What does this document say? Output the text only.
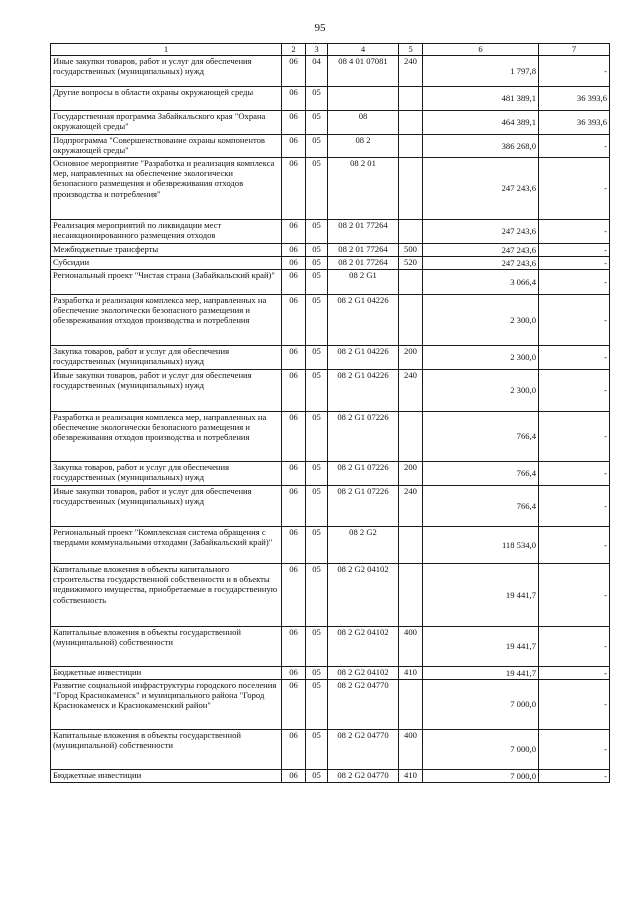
95
1	2	3	4	5	6	7
Иные закупки товаров, работ и услуг для обеспечения государственных (муниципальных) нужд	06	04	08 4 01 07081	240	1 797,8	-
Другие вопросы в области охраны окружающей среды	06	05			481 389,1	36 393,6
Государственная программа Забайкальского края "Охрана окружающей среды"	06	05	08		464 389,1	36 393,6
Подпрограмма "Совершенствование охраны компонентов окружающей среды"	06	05	08 2		386 268,0	-
Основное мероприятие "Разработка и реализация комплекса мер, направленных на обеспечение экологически безопасного размещения и обезвреживания отходов производства и потребления"	06	05	08 2 01		247 243,6	-
Реализация мероприятий по ликвидации мест несанкционированного размещения отходов	06	05	08 2 01 77264		247 243,6	-
Межбюджетные трансферты	06	05	08 2 01 77264	500	247 243,6	-
Субсидии	06	05	08 2 01 77264	520	247 243,6	-
Региональный проект "Чистая страна (Забайкальский край)"	06	05	08 2 G1		3 066,4	-
Разработка и реализация комплекса мер, направленных на обеспечение экологически безопасного размещения и обезвреживания отходов производства и потребления	06	05	08 2 G1 04226		2 300,0	-
Закупка товаров, работ и услуг для обеспечения государственных (муниципальных) нужд	06	05	08 2 G1 04226	200	2 300,0	-
Иные закупки товаров, работ и услуг для обеспечения государственных (муниципальных) нужд	06	05	08 2 G1 04226	240	2 300,0	-
Разработка и реализация комплекса мер, направленных на обеспечение экологически безопасного размещения и обезвреживания отходов производства и потребления	06	05	08 2 G1 07226		766,4	-
Закупка товаров, работ и услуг для обеспечения государственных (муниципальных) нужд	06	05	08 2 G1 07226	200	766,4	-
Иные закупки товаров, работ и услуг для обеспечения государственных (муниципальных) нужд	06	05	08 2 G1 07226	240	766,4	-
Региональный проект "Комплексная система обращения с твердыми коммунальными отходами (Забайкальский край)"	06	05	08 2 G2		118 534,0	-
Капитальные вложения в объекты капитального строительства государственной собственности и в объекты недвижимого имущества, приобретаемые в государственную собственность	06	05	08 2 G2 04102		19 441,7	-
Капитальные вложения в объекты государственной (муниципальной) собственности	06	05	08 2 G2 04102	400	19 441,7	-
Бюджетные инвестиции	06	05	08 2 G2 04102	410	19 441,7	-
Развитие социальной инфраструктуры городского поселения "Город Краснокаменск" и муниципального района "Город Краснокаменск и Краснокаменский район"	06	05	08 2 G2 04770		7 000,0	-
Капитальные вложения в объекты государственной (муниципальной) собственности	06	05	08 2 G2 04770	400	7 000,0	-
Бюджетные инвестиции	06	05	08 2 G2 04770	410	7 000,0	-
